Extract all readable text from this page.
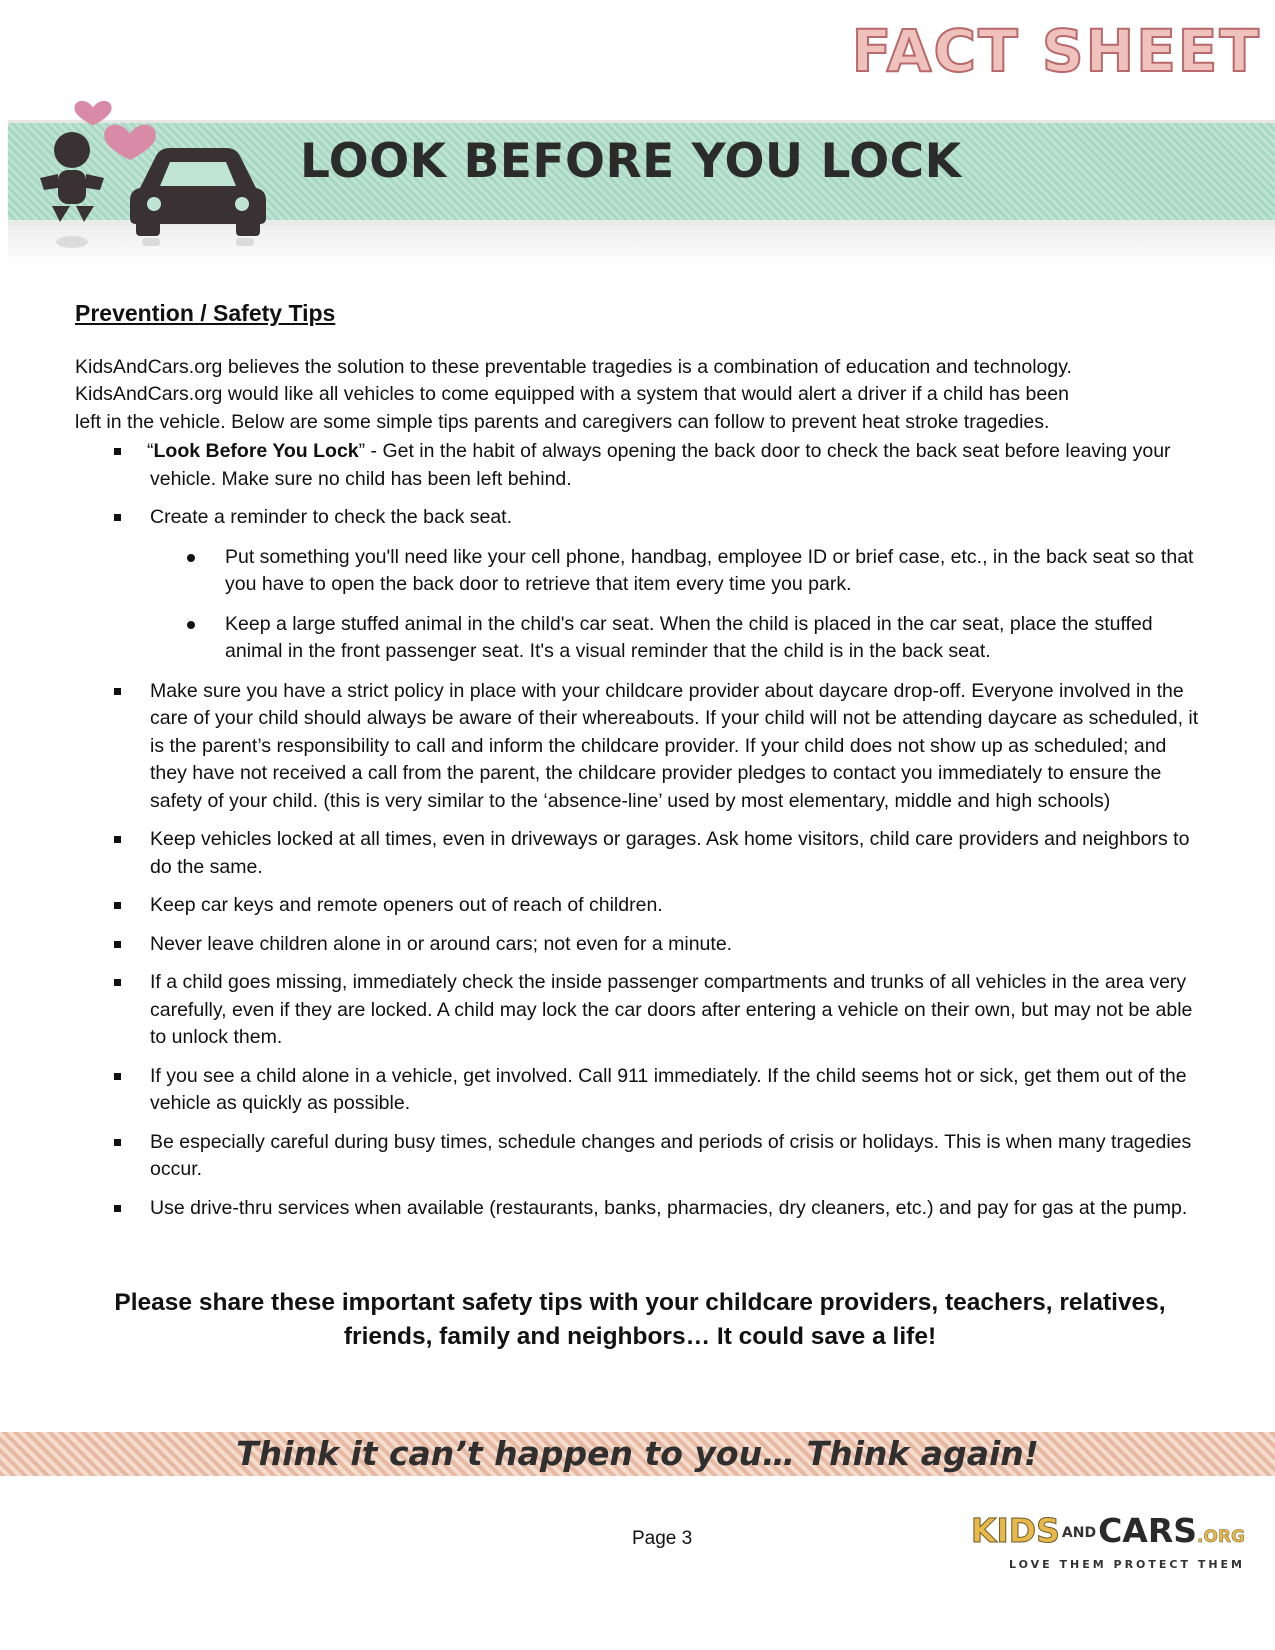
FACT SHEET
LOOK BEFORE YOU LOCK
Prevention / Safety Tips

KidsAndCars.org believes the solution to these preventable tragedies is a combination of education and technology.
KidsAndCars.org would like all vehicles to come equipped with a system that would alert a driver if a child has been
left in the vehicle. Below are some simple tips parents and caregivers can follow to prevent heat stroke tragedies.

“Look Before You Lock” - Get in the habit of always opening the back door to check the back seat before leaving your vehicle. Make sure no child has been left behind.
Create a reminder to check the back seat.
Put something you'll need like your cell phone, handbag, employee ID or brief case, etc., in the back seat so that you have to open the back door to retrieve that item every time you park.
Keep a large stuffed animal in the child's car seat. When the child is placed in the car seat, place the stuffed animal in the front passenger seat. It's a visual reminder that the child is in the back seat.
Make sure you have a strict policy in place with your childcare provider about daycare drop-off. Everyone involved in the care of your child should always be aware of their whereabouts. If your child will not be attending daycare as scheduled, it is the parent’s responsibility to call and inform the childcare provider. If your child does not show up as scheduled; and they have not received a call from the parent, the childcare provider pledges to contact you immediately to ensure the safety of your child. (this is very similar to the ‘absence-line’ used by most elementary, middle and high schools)
Keep vehicles locked at all times, even in driveways or garages. Ask home visitors, child care providers and neighbors to do the same.
Keep car keys and remote openers out of reach of children.
Never leave children alone in or around cars; not even for a minute.
If a child goes missing, immediately check the inside passenger compartments and trunks of all vehicles in the area very carefully, even if they are locked. A child may lock the car doors after entering a vehicle on their own, but may not be able to unlock them.
If you see a child alone in a vehicle, get involved. Call 911 immediately. If the child seems hot or sick, get them out of the vehicle as quickly as possible.
Be especially careful during busy times, schedule changes and periods of crisis or holidays. This is when many tragedies occur.
Use drive-thru services when available (restaurants, banks, pharmacies, dry cleaners, etc.) and pay for gas at the pump.
Please share these important safety tips with your childcare providers, teachers, relatives, friends, family and neighbors… It could save a life!
Think it can’t happen to you… Think again!
Page 3	KIDS ANDCARS.ORG
LOVE THEM PROTECT THEM
